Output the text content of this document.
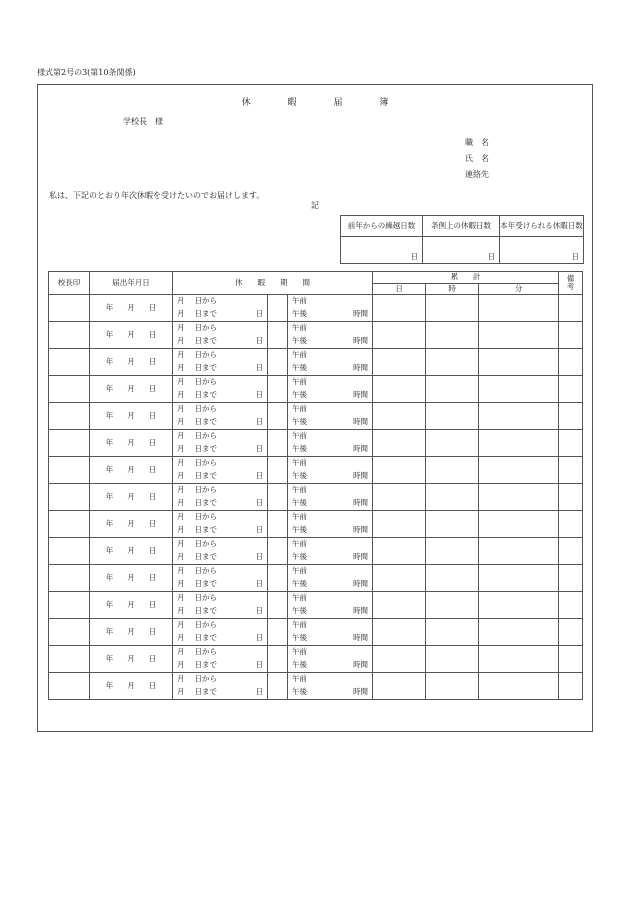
様式第2号の3(第10条関係)
休	暇	届	簿
学校長　様
職　名
氏　名
連絡先
私は、下記のとおり年次休暇を受けたいのでお届けします。
記
前年からの繰越日数	条例上の休暇日数	本年受けられる休暇日数
日	日	日
校長印	届出年月日	休　　暇　　期　　間					累　　計			備　　考
							日	時	分	
	年 月 日	月 日から			午前					
		月 日まで	日		午後	時間				
	年 月 日	月 日から			午前					
		月 日まで	日		午後	時間				
	年 月 日	月 日から			午前					
		月 日まで	日		午後	時間				
	年 月 日	月 日から			午前					
		月 日まで	日		午後	時間				
	年 月 日	月 日から			午前					
		月 日まで	日		午後	時間				
	年 月 日	月 日から			午前					
		月 日まで	日		午後	時間				
	年 月 日	月 日から			午前					
		月 日まで	日		午後	時間				
	年 月 日	月 日から			午前					
		月 日まで	日		午後	時間				
	年 月 日	月 日から			午前					
		月 日まで	日		午後	時間				
	年 月 日	月 日から			午前					
		月 日まで	日		午後	時間				
	年 月 日	月 日から			午前					
		月 日まで	日		午後	時間				
	年 月 日	月 日から			午前					
		月 日まで	日		午後	時間				
	年 月 日	月 日から			午前					
		月 日まで	日		午後	時間				
	年 月 日	月 日から			午前					
		月 日まで	日		午後	時間				
	年 月 日	月 日から			午前					
		月 日まで	日		午後	時間				
